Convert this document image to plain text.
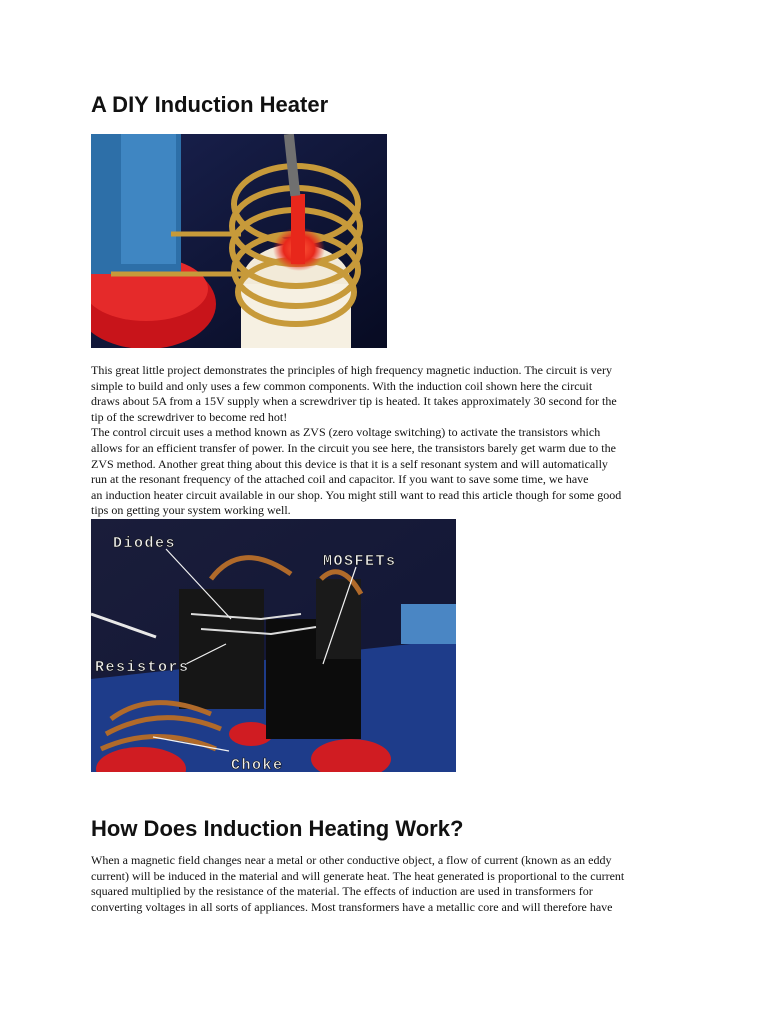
A DIY Induction Heater

This great little project demonstrates the principles of high frequency magnetic induction. The circuit is very
simple to build and only uses a few common components. With the induction coil shown here the circuit
draws about 5A from a 15V supply when a screwdriver tip is heated. It takes approximately 30 second for the
tip of the screwdriver to become red hot!
The control circuit uses a method known as ZVS (zero voltage switching) to activate the transistors which
allows for an efficient transfer of power. In the circuit you see here, the transistors barely get warm due to the
ZVS method. Another great thing about this device is that it is a self resonant system and will automatically
run at the resonant frequency of the attached coil and capacitor. If you want to save some time, we have
an induction heater circuit available in our shop. You might still want to read this article though for some good
tips on getting your system working well.

Diodes
MOSFETs
Resistors
Choke
How Does Induction Heating Work?

When a magnetic field changes near a metal or other conductive object, a flow of current (known as an eddy
current) will be induced in the material and will generate heat. The heat generated is proportional to the current
squared multiplied by the resistance of the material. The effects of induction are used in transformers for
converting voltages in all sorts of appliances. Most transformers have a metallic core and will therefore have
